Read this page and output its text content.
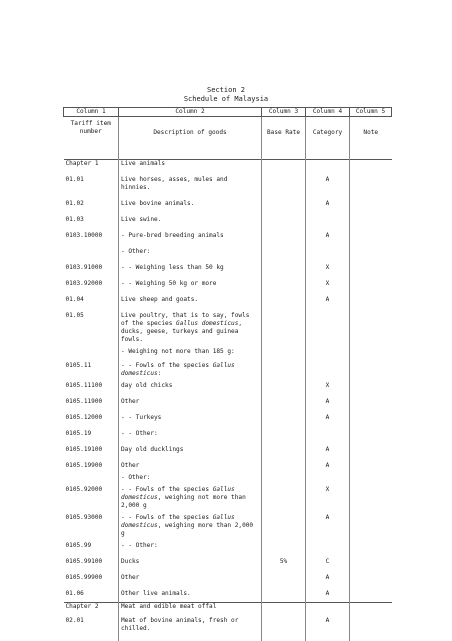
Section 2
Schedule of Malaysia
Column 1	Column 2	Column 3	Column 4	Column 5
Tariff item number	Description of goods	Base Rate	Category	Note
Chapter 1	Live animals			
01.01	Live horses, asses, mules and hinnies.		A	
01.02	Live bovine animals.		A	
01.03	Live swine.			
0103.10000	- Pure-bred breeding animals		A	
	- Other:			
0103.91000	- - Weighing less than 50 kg		X	
0103.92000	- - Weighing 50 kg or more		X	
01.04	Live sheep and goats.		A	
01.05	Live poultry, that is to say, fowls of the species Gallus domesticus, ducks, geese, turkeys and guinea fowls.			
	- Weighing not more than 185 g:			
0105.11	- - Fowls of the species Gallus domesticus:			
0105.11100	day old chicks		X	
0105.11900	Other		A	
0105.12000	- - Turkeys		A	
0105.19	- - Other:			
0105.19100	Day old ducklings		A	
0105.19900	Other		A	
	- Other:			
0105.92000	- - Fowls of the species Gallus domesticus, weighing not more than 2,000 g		X	
0105.93000	- - Fowls of the species Gallus domesticus, weighing more than 2,000 g		A	
0105.99	- - Other:			
0105.99100	Ducks	5%	C	
0105.99900	Other		A	
01.06	Other live animals.		A	
Chapter 2	Meat and edible meat offal			
02.01	Meat of bovine animals, fresh or chilled.		A	
